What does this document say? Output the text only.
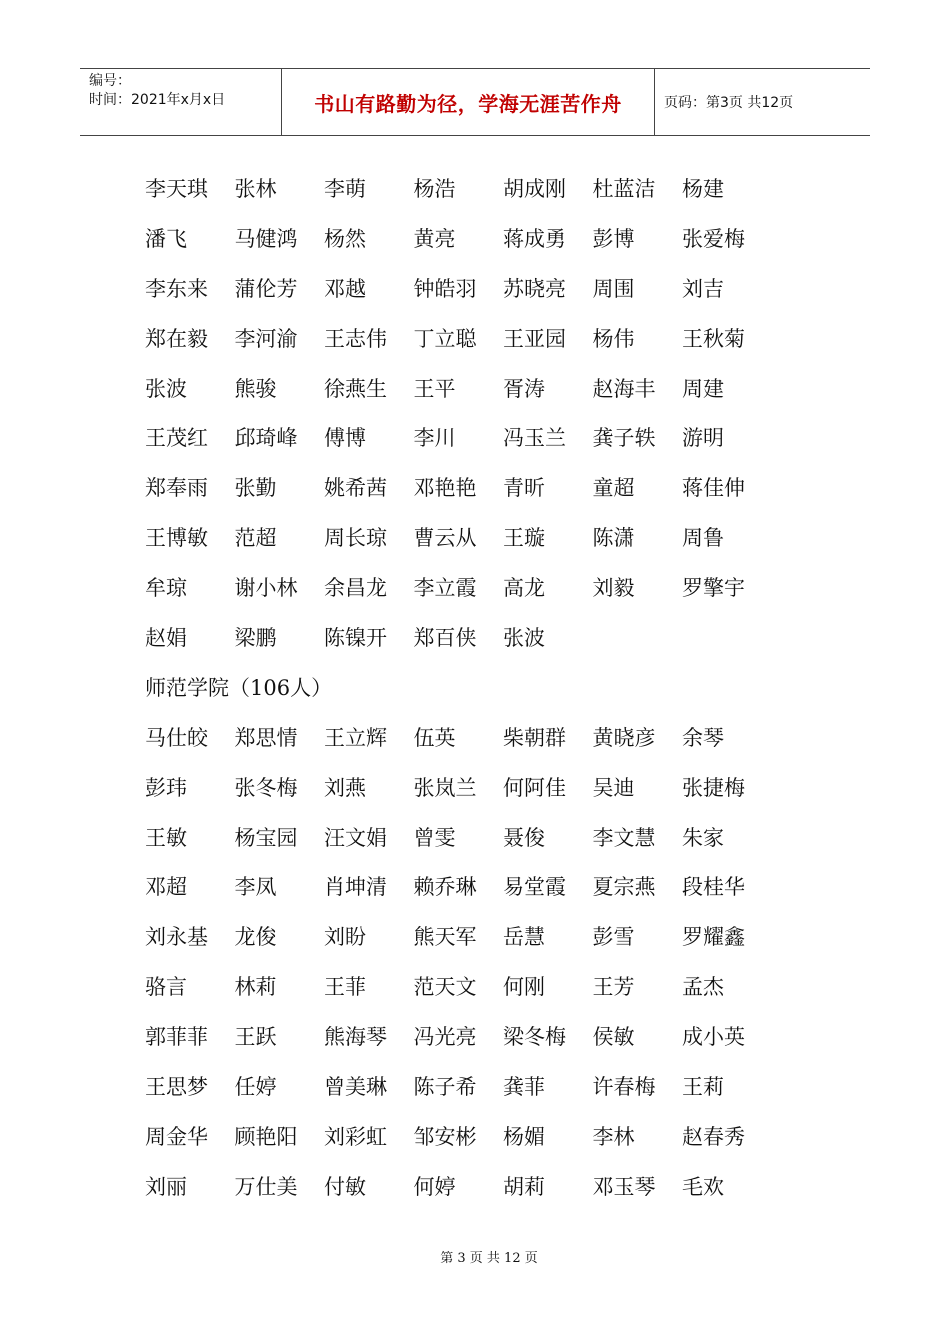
编号：
时间：2021年x月x日	书山有路勤为径，学海无涯苦作舟	页码：第3页 共12页
李天琪	张林	李萌	杨浩	胡成刚	杜蓝洁	杨建
潘飞	马健鸿	杨然	黄亮	蒋成勇	彭博	张爱梅
李东来	蒲伦芳	邓越	钟皓羽	苏晓亮	周围	刘吉
郑在毅	李河渝	王志伟	丁立聪	王亚园	杨伟	王秋菊
张波	熊骏	徐燕生	王平	胥涛	赵海丰	周建
王茂红	邱琦峰	傅博	李川	冯玉兰	龚子轶	游明
郑奉雨	张勤	姚希茜	邓艳艳	青昕	童超	蒋佳伸
王博敏	范超	周长琼	曹云从	王璇	陈潇	周鲁
牟琼	谢小林	余昌龙	李立霞	高龙	刘毅	罗擎宇
赵娟	梁鹏	陈镍开	郑百侠	张波
师范学院（106人）
马仕皎	郑思情	王立辉	伍英	柴朝群	黄晓彦	余琴
彭玮	张冬梅	刘燕	张岚兰	何阿佳	吴迪	张捷梅
王敏	杨宝园	汪文娟	曾雯	聂俊	李文慧	朱家
邓超	李凤	肖坤清	赖乔琳	易堂霞	夏宗燕	段桂华
刘永基	龙俊	刘盼	熊天军	岳慧	彭雪	罗耀鑫
骆言	林莉	王菲	范天文	何刚	王芳	孟杰
郭菲菲	王跃	熊海琴	冯光亮	梁冬梅	侯敏	成小英
王思梦	任婷	曾美琳	陈子希	龚菲	许春梅	王莉
周金华	顾艳阳	刘彩虹	邹安彬	杨媚	李林	赵春秀
刘丽	万仕美	付敏	何婷	胡莉	邓玉琴	毛欢
第 3 页 共 12 页
